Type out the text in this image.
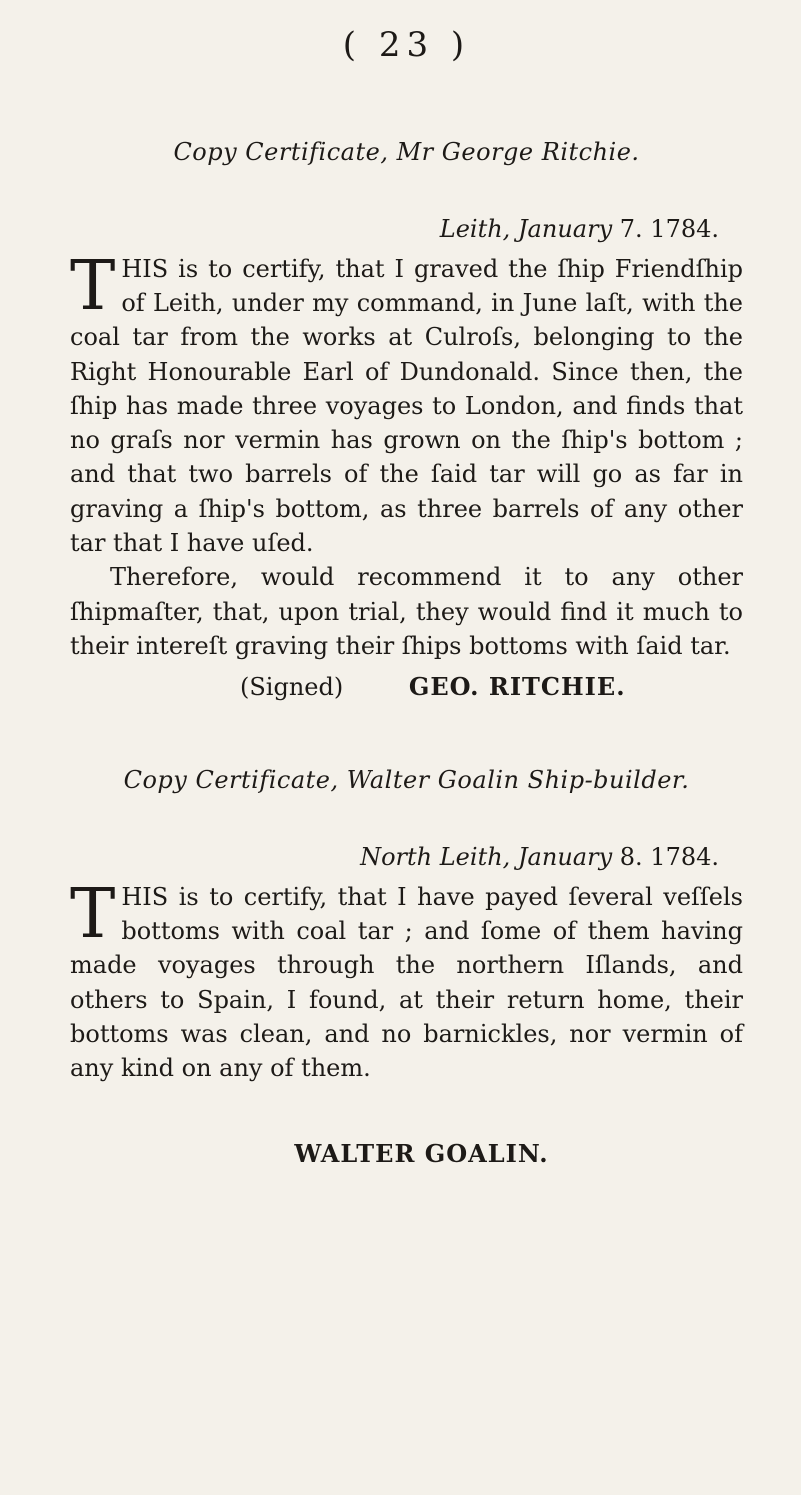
( 23 )
Copy Certificate, Mr George Ritchie.
Leith, January 7. 1784.

THIS is to certify, that I graved the ſhip Friendſhip of Leith, under my command, in June laſt, with the coal tar from the works at Culroſs, belonging to the Right Honourable Earl of Dundonald. Since then, the ſhip has made three voyages to London, and finds that no graſs nor vermin has grown on the ſhip's bottom ; and that two barrels of the ſaid tar will go as far in graving a ſhip's bottom, as three barrels of any other tar that I have uſed.

Therefore, would recommend it to any other ſhipmaſter, that, upon trial, they would find it much to their intereſt graving their ſhips bottoms with ſaid tar.

(Signed)	GEO. RITCHIE.
Copy Certificate, Walter Goalin Ship-builder.
North Leith, January 8. 1784.

THIS is to certify, that I have payed ſeveral veſſels bottoms with coal tar ; and ſome of them having made voyages through the northern Iſlands, and others to Spain, I found, at their return home, their bottoms was clean, and no barnickles, nor vermin of any kind on any of them.

WALTER GOALIN.
